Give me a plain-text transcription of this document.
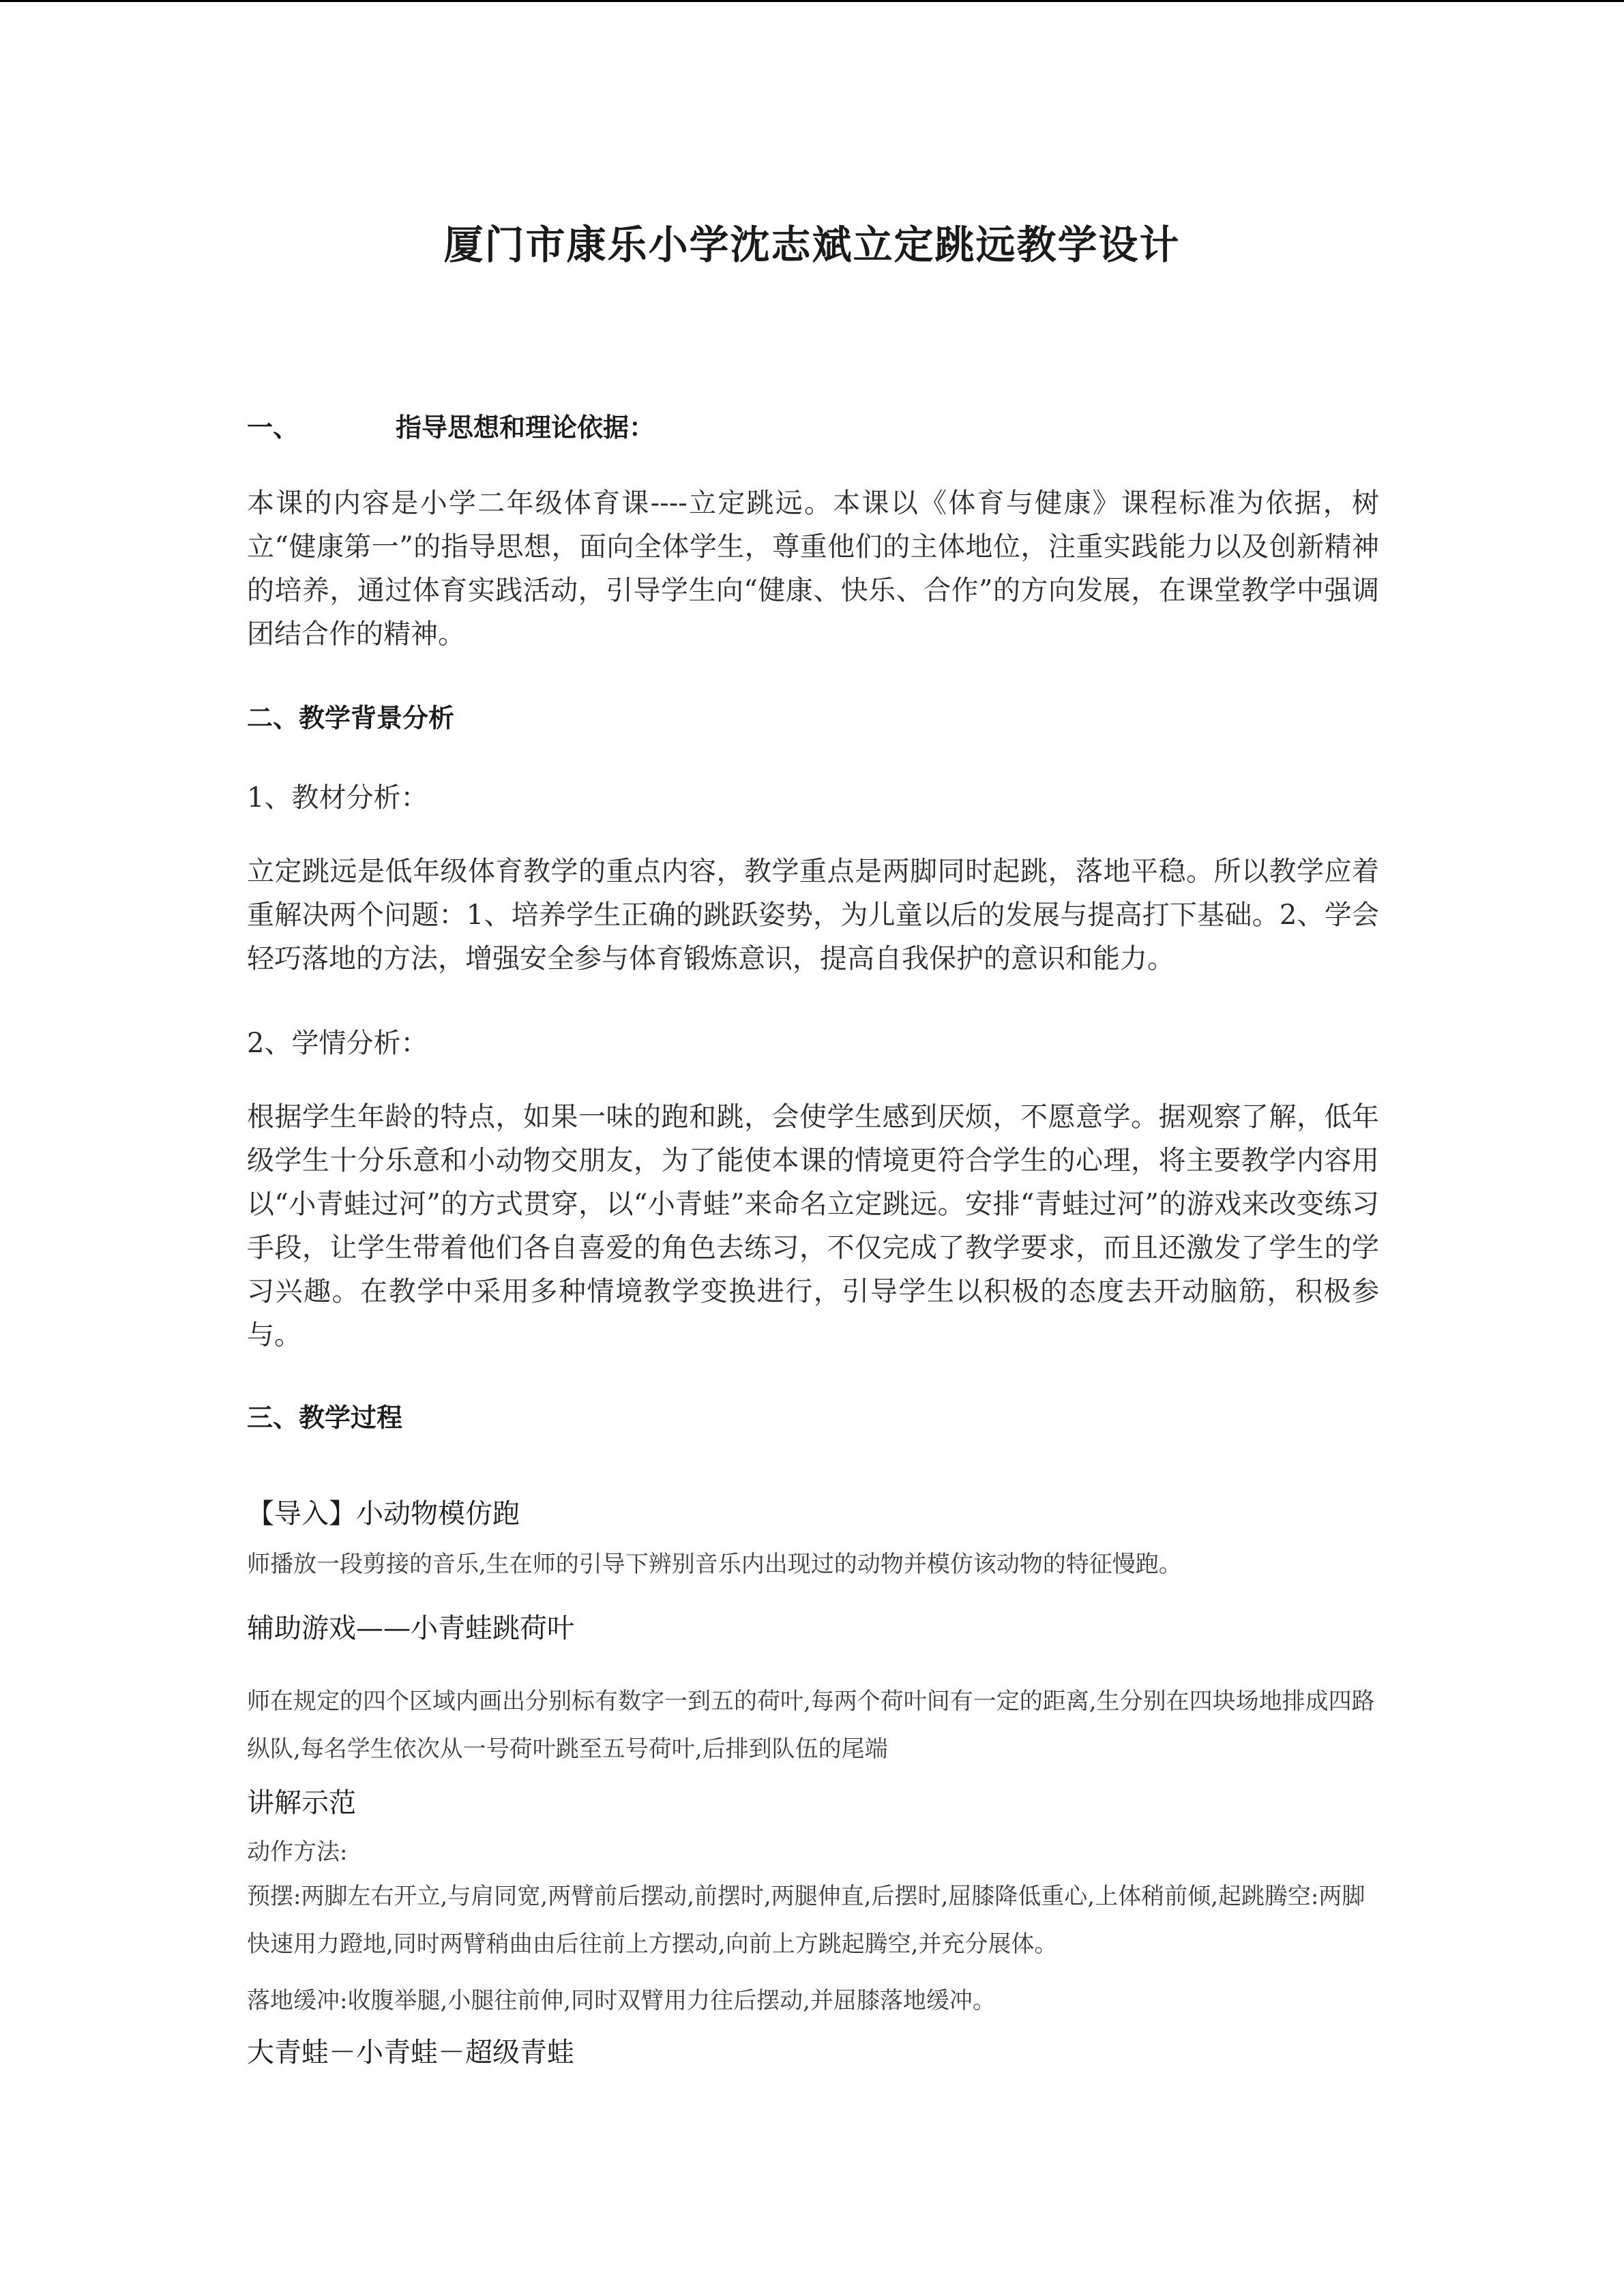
厦门市康乐小学沈志斌立定跳远教学设计
一、	指导思想和理论依据：
本课的内容是小学二年级体育课----立定跳远。本课以《体育与健康》课程标准为依据，树立“健康第一”的指导思想，面向全体学生，尊重他们的主体地位，注重实践能力以及创新精神的培养，通过体育实践活动，引导学生向“健康、快乐、合作”的方向发展，在课堂教学中强调团结合作的精神。
二、教学背景分析
1、教材分析：
立定跳远是低年级体育教学的重点内容，教学重点是两脚同时起跳，落地平稳。所以教学应着重解决两个问题：1、培养学生正确的跳跃姿势，为儿童以后的发展与提高打下基础。2、学会轻巧落地的方法，增强安全参与体育锻炼意识，提高自我保护的意识和能力。
2、学情分析：
根据学生年龄的特点，如果一味的跑和跳，会使学生感到厌烦，不愿意学。据观察了解，低年级学生十分乐意和小动物交朋友，为了能使本课的情境更符合学生的心理，将主要教学内容用以“小青蛙过河”的方式贯穿，以“小青蛙”来命名立定跳远。安排“青蛙过河”的游戏来改变练习手段，让学生带着他们各自喜爱的角色去练习，不仅完成了教学要求，而且还激发了学生的学习兴趣。在教学中采用多种情境教学变换进行，引导学生以积极的态度去开动脑筋，积极参与。
三、教学过程
【导入】小动物模仿跑
师播放一段剪接的音乐,生在师的引导下辨别音乐内出现过的动物并模仿该动物的特征慢跑。
辅助游戏——小青蛙跳荷叶
师在规定的四个区域内画出分别标有数字一到五的荷叶,每两个荷叶间有一定的距离,生分别在四块场地排成四路纵队,每名学生依次从一号荷叶跳至五号荷叶,后排到队伍的尾端
讲解示范
动作方法:
预摆:两脚左右开立,与肩同宽,两臂前后摆动,前摆时,两腿伸直,后摆时,屈膝降低重心,上体稍前倾,起跳腾空:两脚快速用力蹬地,同时两臂稍曲由后往前上方摆动,向前上方跳起腾空,并充分展体。
落地缓冲:收腹举腿,小腿往前伸,同时双臂用力往后摆动,并屈膝落地缓冲。
大青蛙－小青蛙－超级青蛙
